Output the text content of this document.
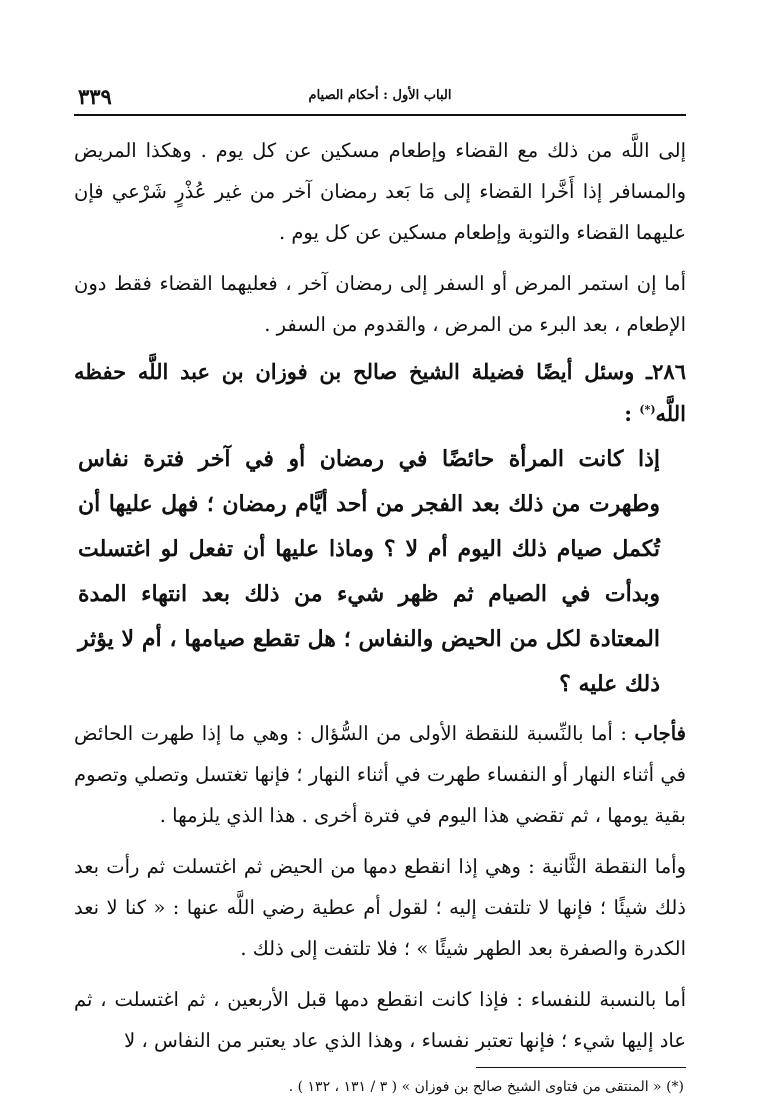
٣٣٩	الباب الأول : أحكام الصيام

إلى اللَّه من ذلك مع القضاء وإطعام مسكين عن كل يوم . وهكذا المريض والمسافر إذا أَخَّرا القضاء إلى مَا بَعد رمضان آخر من غير عُذْرٍ شَرْعي فإن عليهما القضاء والتوبة وإطعام مسكين عن كل يوم .

أما إن استمر المرض أو السفر إلى رمضان آخر ، فعليهما القضاء فقط دون الإطعام ، بعد البرء من المرض ، والقدوم من السفر .

٢٨٦ـ وسئل أيضًا فضيلة الشيخ صالح بن فوزان بن عبد اللَّه حفظه اللَّه(*) :

إذا كانت المرأة حائضًا في رمضان أو في آخر فترة نفاس وطهرت من ذلك بعد الفجر من أحد أيَّام رمضان ؛ فهل عليها أن تُكمل صيام ذلك اليوم أم لا ؟ وماذا عليها أن تفعل لو اغتسلت وبدأت في الصيام ثم ظهر شيء من ذلك بعد انتهاء المدة المعتادة لكل من الحيض والنفاس ؛ هل تقطع صيامها ، أم لا يؤثر ذلك عليه ؟

فأجاب : أما بالنِّسبة للنقطة الأولى من السُّؤال : وهي ما إذا طهرت الحائض في أثناء النهار أو النفساء طهرت في أثناء النهار ؛ فإنها تغتسل وتصلي وتصوم بقية يومها ، ثم تقضي هذا اليوم في فترة أخرى . هذا الذي يلزمها .

وأما النقطة الثَّانية : وهي إذا انقطع دمها من الحيض ثم اغتسلت ثم رأت بعد ذلك شيئًا ؛ فإنها لا تلتفت إليه ؛ لقول أم عطية رضي اللَّه عنها : « كنا لا نعد الكدرة والصفرة بعد الطهر شيئًا » ؛ فلا تلتفت إلى ذلك .

أما بالنسبة للنفساء : فإذا كانت انقطع دمها قبل الأربعين ، ثم اغتسلت ، ثم عاد إليها شيء ؛ فإنها تعتبر نفساء ، وهذا الذي عاد يعتبر من النفاس ، لا

(*) « المنتقى من فتاوى الشيخ صالح بن فوزان » ( ٣ / ١٣١ ، ١٣٢ ) .
